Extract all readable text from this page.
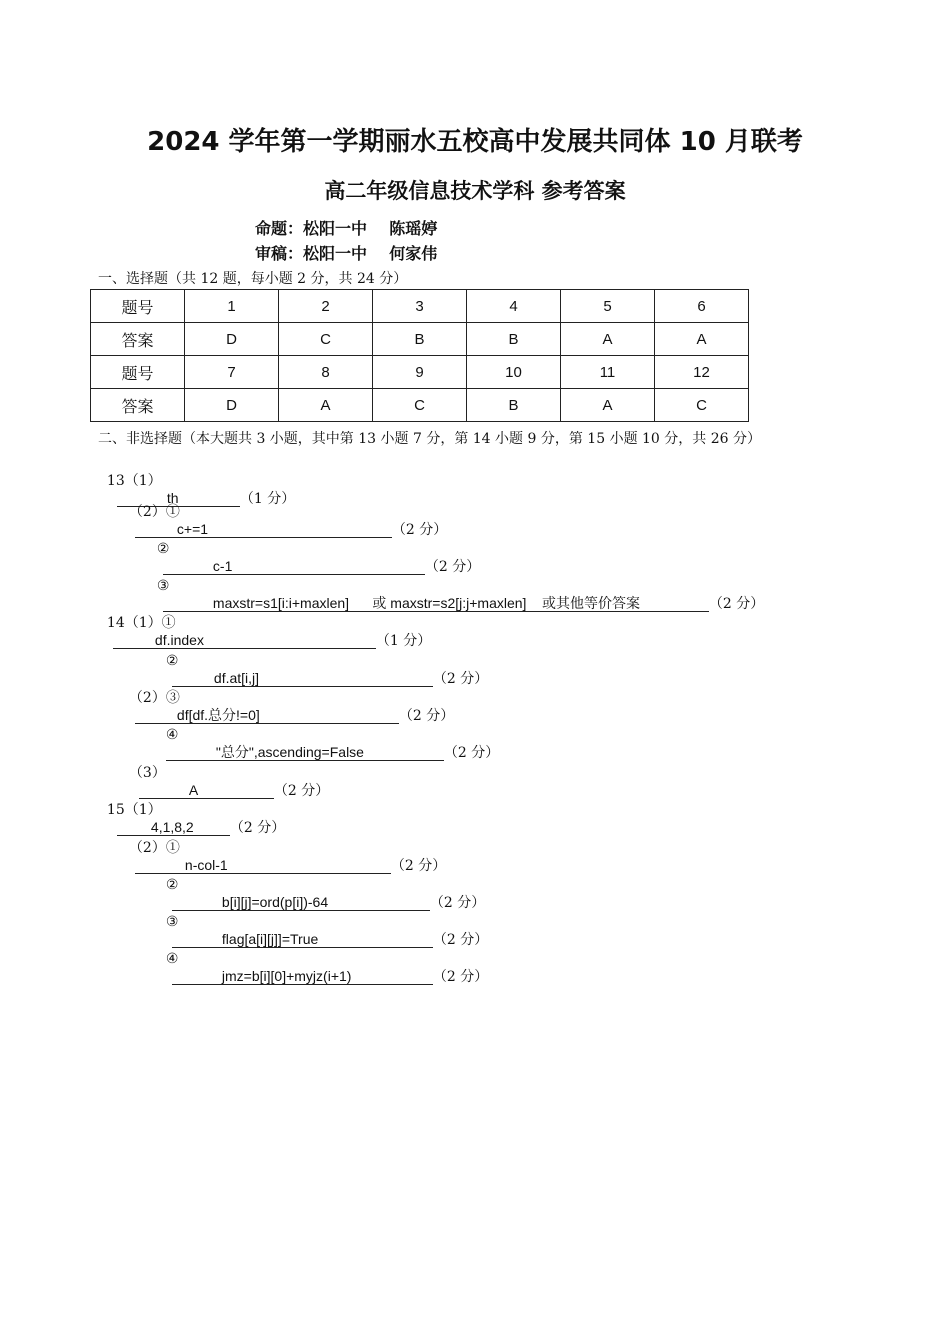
2024 学年第一学期丽水五校高中发展共同体 10 月联考
高二年级信息技术学科 参考答案
命题：松阳一中    陈瑶婷
审稿：松阳一中    何家伟
一、选择题（共 12 题，每小题 2 分，共 24 分）
题号	1	2	3	4	5	6
答案	D	C	B	B	A	A
题号	7	8	9	10	11	12
答案	D	A	C	B	A	C
二、非选择题（本大题共 3 小题，其中第 13 小题 7 分，第 14 小题 9 分，第 15 小题 10 分，共 26 分）

13（1）
th	（1 分）

（2）①
c+=1	（2 分）

②
c-1	（2 分）

③
maxstr=s1[i:i+maxlen]      或 maxstr=s2[j:j+maxlen]    或其他等价答案	（2 分）

14（1）①
df.index	（1 分）

②
df.at[i,j]	（2 分）

（2）③
df[df.总分!=0]	（2 分）

④
"总分",ascending=False	（2 分）

（3）
A	（2 分）

15（1）
4,1,8,2	（2 分）

（2）①
n-col-1	（2 分）

②
b[i][j]=ord(p[i])-64	（2 分）

③
flag[a[i][j]]=True	（2 分）

④
jmz=b[i][0]+myjz(i+1)	（2 分）
